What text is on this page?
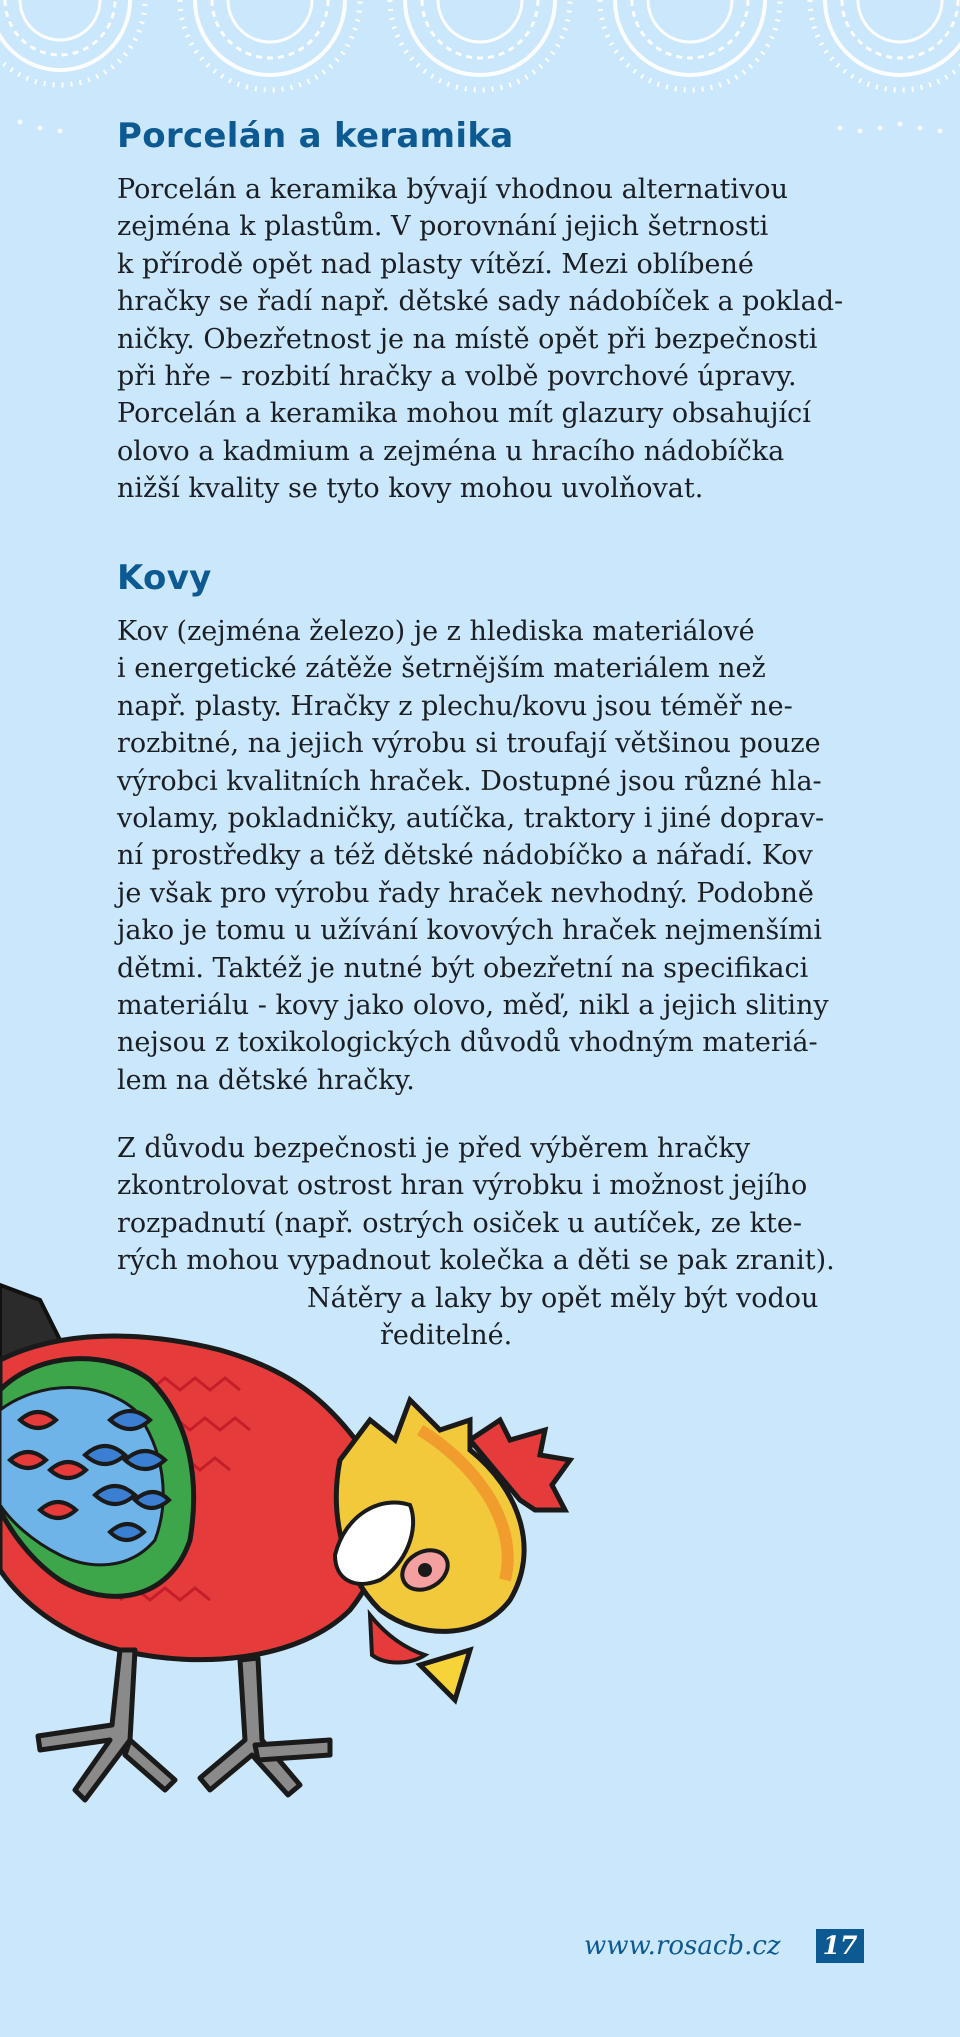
Porcelán a keramika
Porcelán a keramika bývají vhodnou alternativou
zejména k plastům. V porovnání jejich šetrnosti
k přírodě opět nad plasty vítězí. Mezi oblíbené
hračky se řadí např. dětské sady nádobíček a poklad-
ničky. Obezřetnost je na místě opět při bezpečnosti
při hře – rozbití hračky a volbě povrchové úpravy.
Porcelán a keramika mohou mít glazury obsahující
olovo a kadmium a zejména u hracího nádobíčka
nižší kvality se tyto kovy mohou uvolňovat.
Kovy
Kov (zejména železo) je z hlediska materiálové
i energetické zátěže šetrnějším materiálem než
např. plasty. Hračky z plechu/kovu jsou téměř ne-
rozbitné, na jejich výrobu si troufají většinou pouze
výrobci kvalitních hraček. Dostupné jsou různé hla-
volamy, pokladničky, autíčka, traktory i jiné doprav-
ní prostředky a též dětské nádobíčko a nářadí. Kov
je však pro výrobu řady hraček nevhodný. Podobně
jako je tomu u užívání kovových hraček nejmenšími
dětmi. Taktéž je nutné být obezřetní na specifikaci
materiálu - kovy jako olovo, měď, nikl a jejich slitiny
nejsou z toxikologických důvodů vhodným materiá-
lem na dětské hračky.
Z důvodu bezpečnosti je před výběrem hračky
zkontrolovat ostrost hran výrobku i možnost jejího
rozpadnutí (např. ostrých osiček u autíček, ze kte-
rých mohou vypadnout kolečka a děti se pak zranit).
Nátěry a laky by opět měly být vodou
ředitelné.
www.rosacb.cz 17
